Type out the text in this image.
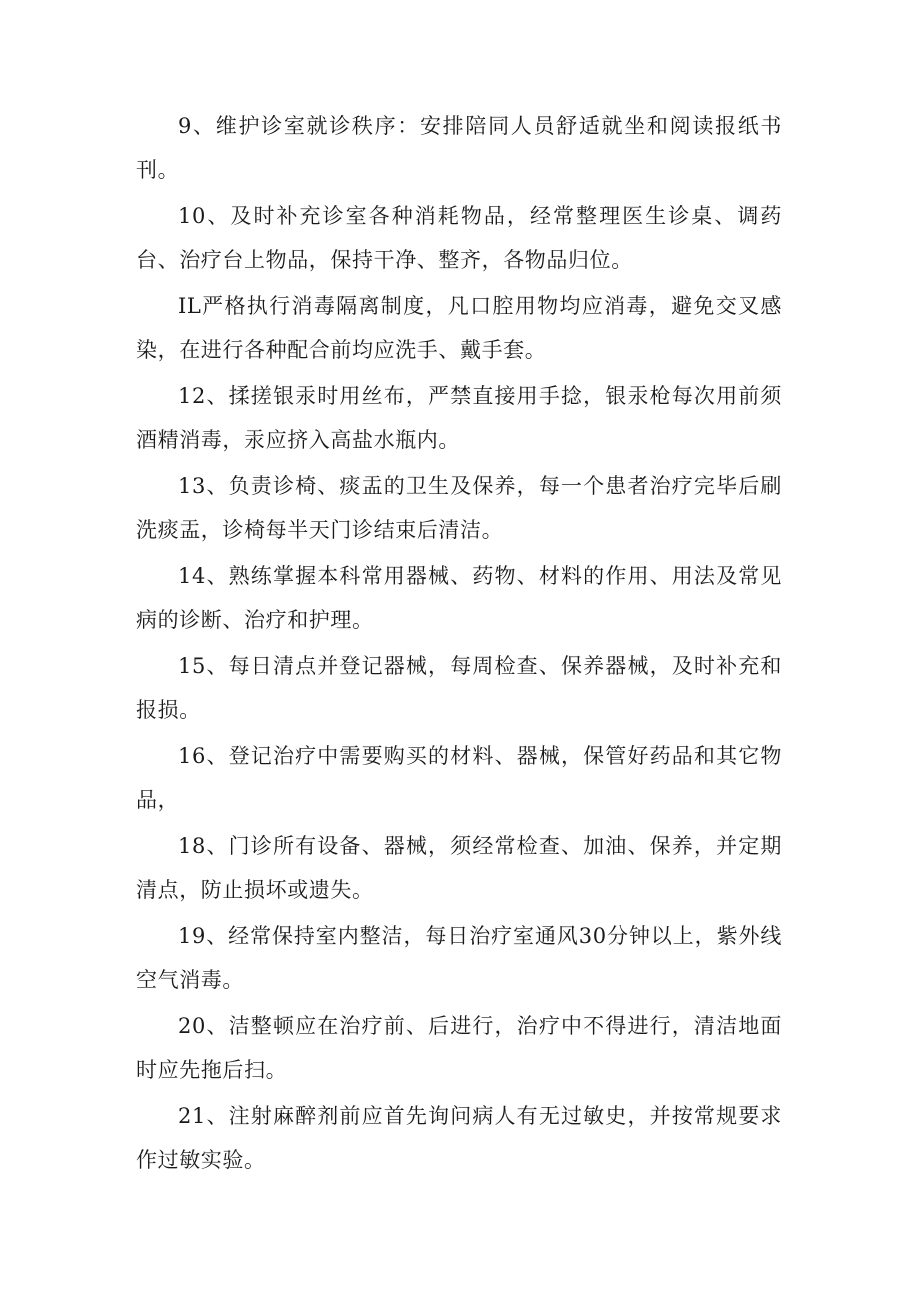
9、维护诊室就诊秩序：安排陪同人员舒适就坐和阅读报纸书刊。

10、及时补充诊室各种消耗物品，经常整理医生诊桌、调药台、治疗台上物品，保持干净、整齐，各物品归位。

IL严格执行消毒隔离制度，凡口腔用物均应消毒，避免交叉感染，在进行各种配合前均应洗手、戴手套。

12、揉搓银汞时用丝布，严禁直接用手捻，银汞枪每次用前须酒精消毒，汞应挤入高盐水瓶内。

13、负责诊椅、痰盂的卫生及保养，每一个患者治疗完毕后刷洗痰盂，诊椅每半天门诊结束后清洁。

14、熟练掌握本科常用器械、药物、材料的作用、用法及常见病的诊断、治疗和护理。

15、每日清点并登记器械，每周检查、保养器械，及时补充和报损。

16、登记治疗中需要购买的材料、器械，保管好药品和其它物品，

18、门诊所有设备、器械，须经常检查、加油、保养，并定期清点，防止损坏或遗失。

19、经常保持室内整洁，每日治疗室通风30分钟以上，紫外线空气消毒。

20、洁整顿应在治疗前、后进行，治疗中不得进行，清洁地面时应先拖后扫。

21、注射麻醉剂前应首先询问病人有无过敏史，并按常规要求作过敏实验。
